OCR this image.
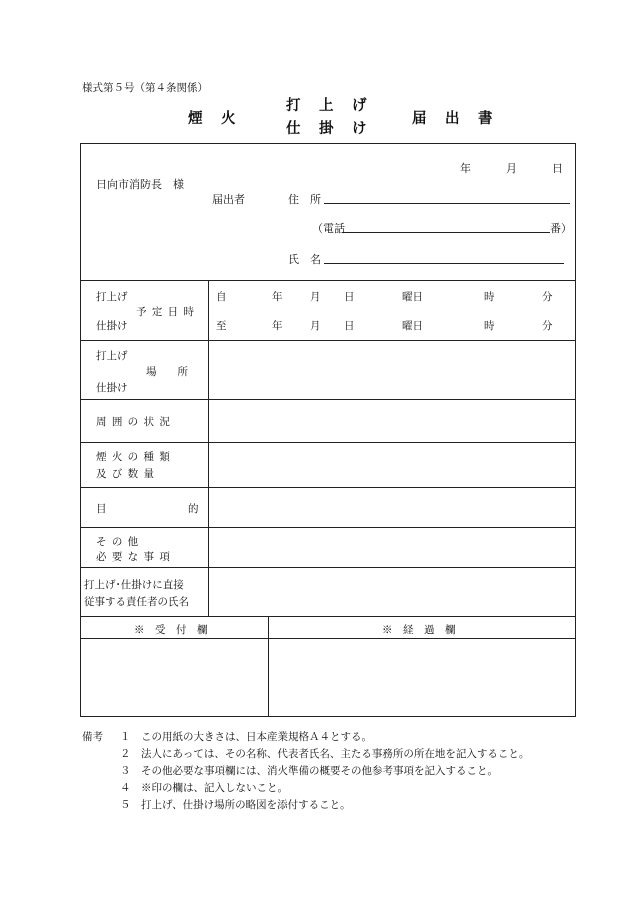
様式第５号（第４条関係）
煙　火
打　上　げ
仕　掛　け
届　出　書
年	月	日
日向市消防長　様
届出者	住　所
（電話	番）
氏　名
打上げ
予 定 日 時
仕掛け
自	年	月 日	曜日	時	分
至	年	月 日	曜日	時	分
打上げ
場　　所
仕掛け
周 囲 の 状 況
煙 火 の 種 類
及 び 数 量
目	的
そ の 他
必 要 な 事 項
打上げ･仕掛けに直接
従事する責任者の氏名
※　受　付　欄	※　経　過　欄
備考 １　 この用紙の大きさは、日本産業規格Ａ４とする。
２　 法人にあっては、その名称、代表者氏名、主たる事務所の所在地を記入すること。
３　 その他必要な事項欄には、消火準備の概要その他参考事項を記入すること。
４　 ※印の欄は、記入しないこと。
５　 打上げ、仕掛け場所の略図を添付すること。
